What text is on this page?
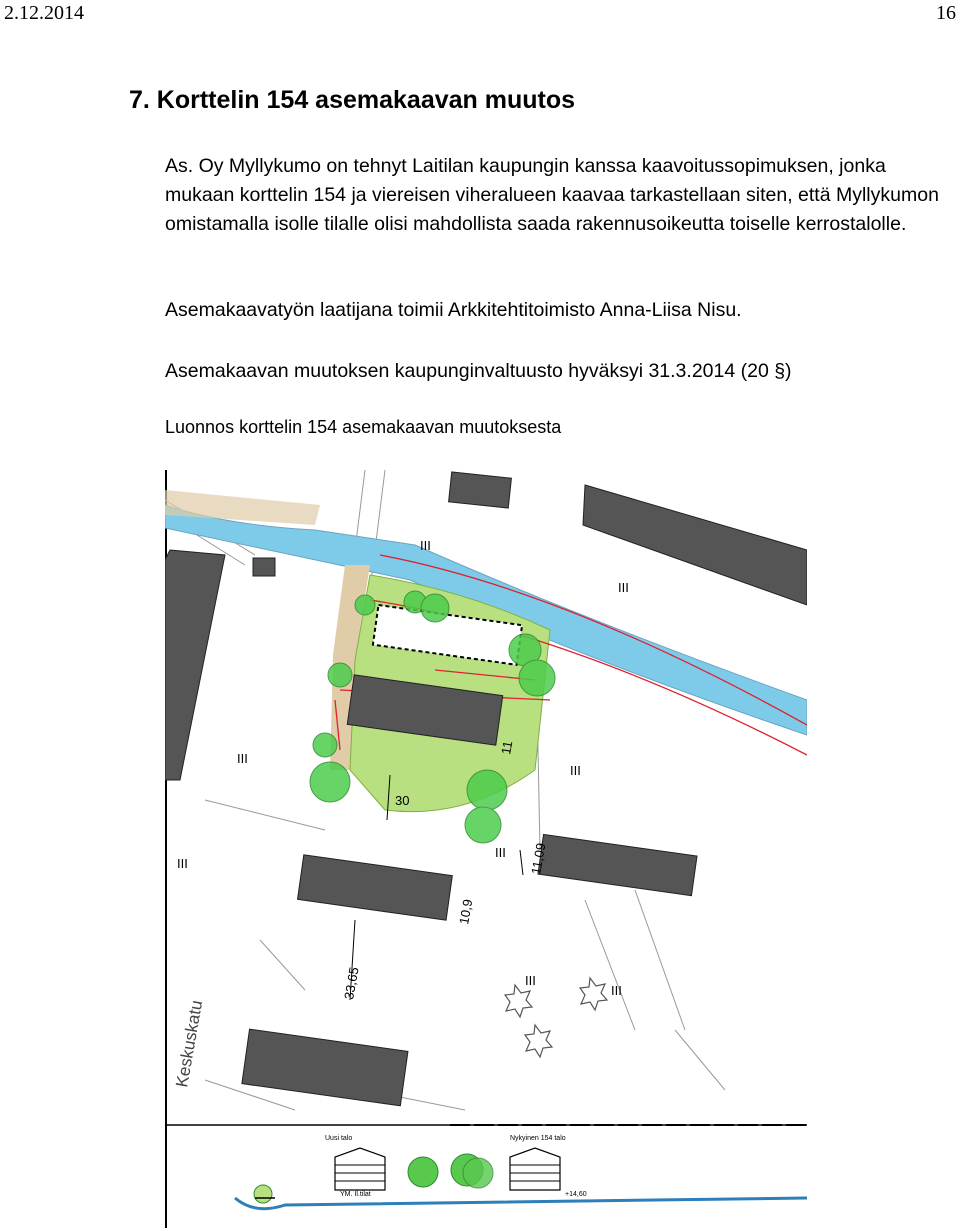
2.12.2014	16
7. Korttelin 154 asemakaavan muutos

As. Oy Myllykumo on tehnyt Laitilan kaupungin kanssa kaavoitussopimuksen, jonka mukaan korttelin 154 ja viereisen viheralueen kaavaa tarkastellaan siten, että Myllykumon omistamalla isolle tilalle olisi mahdollista saada rakennusoikeutta toiselle kerrostalolle.

Asemakaavatyön laatijana toimii Arkkitehtitoimisto Anna-Liisa Nisu.

Asemakaavan muutoksen kaupunginvaltuusto hyväksyi 31.3.2014 (20 §)

Luonnos korttelin 154 asemakaavan muutoksesta

30
33,65
10,9
11,09
11
III
III
III
III
III
III
III
III
Keskuskatu
Uusi talo	Nykyinen 154 talo
+14,60
YM. Il.tilat
